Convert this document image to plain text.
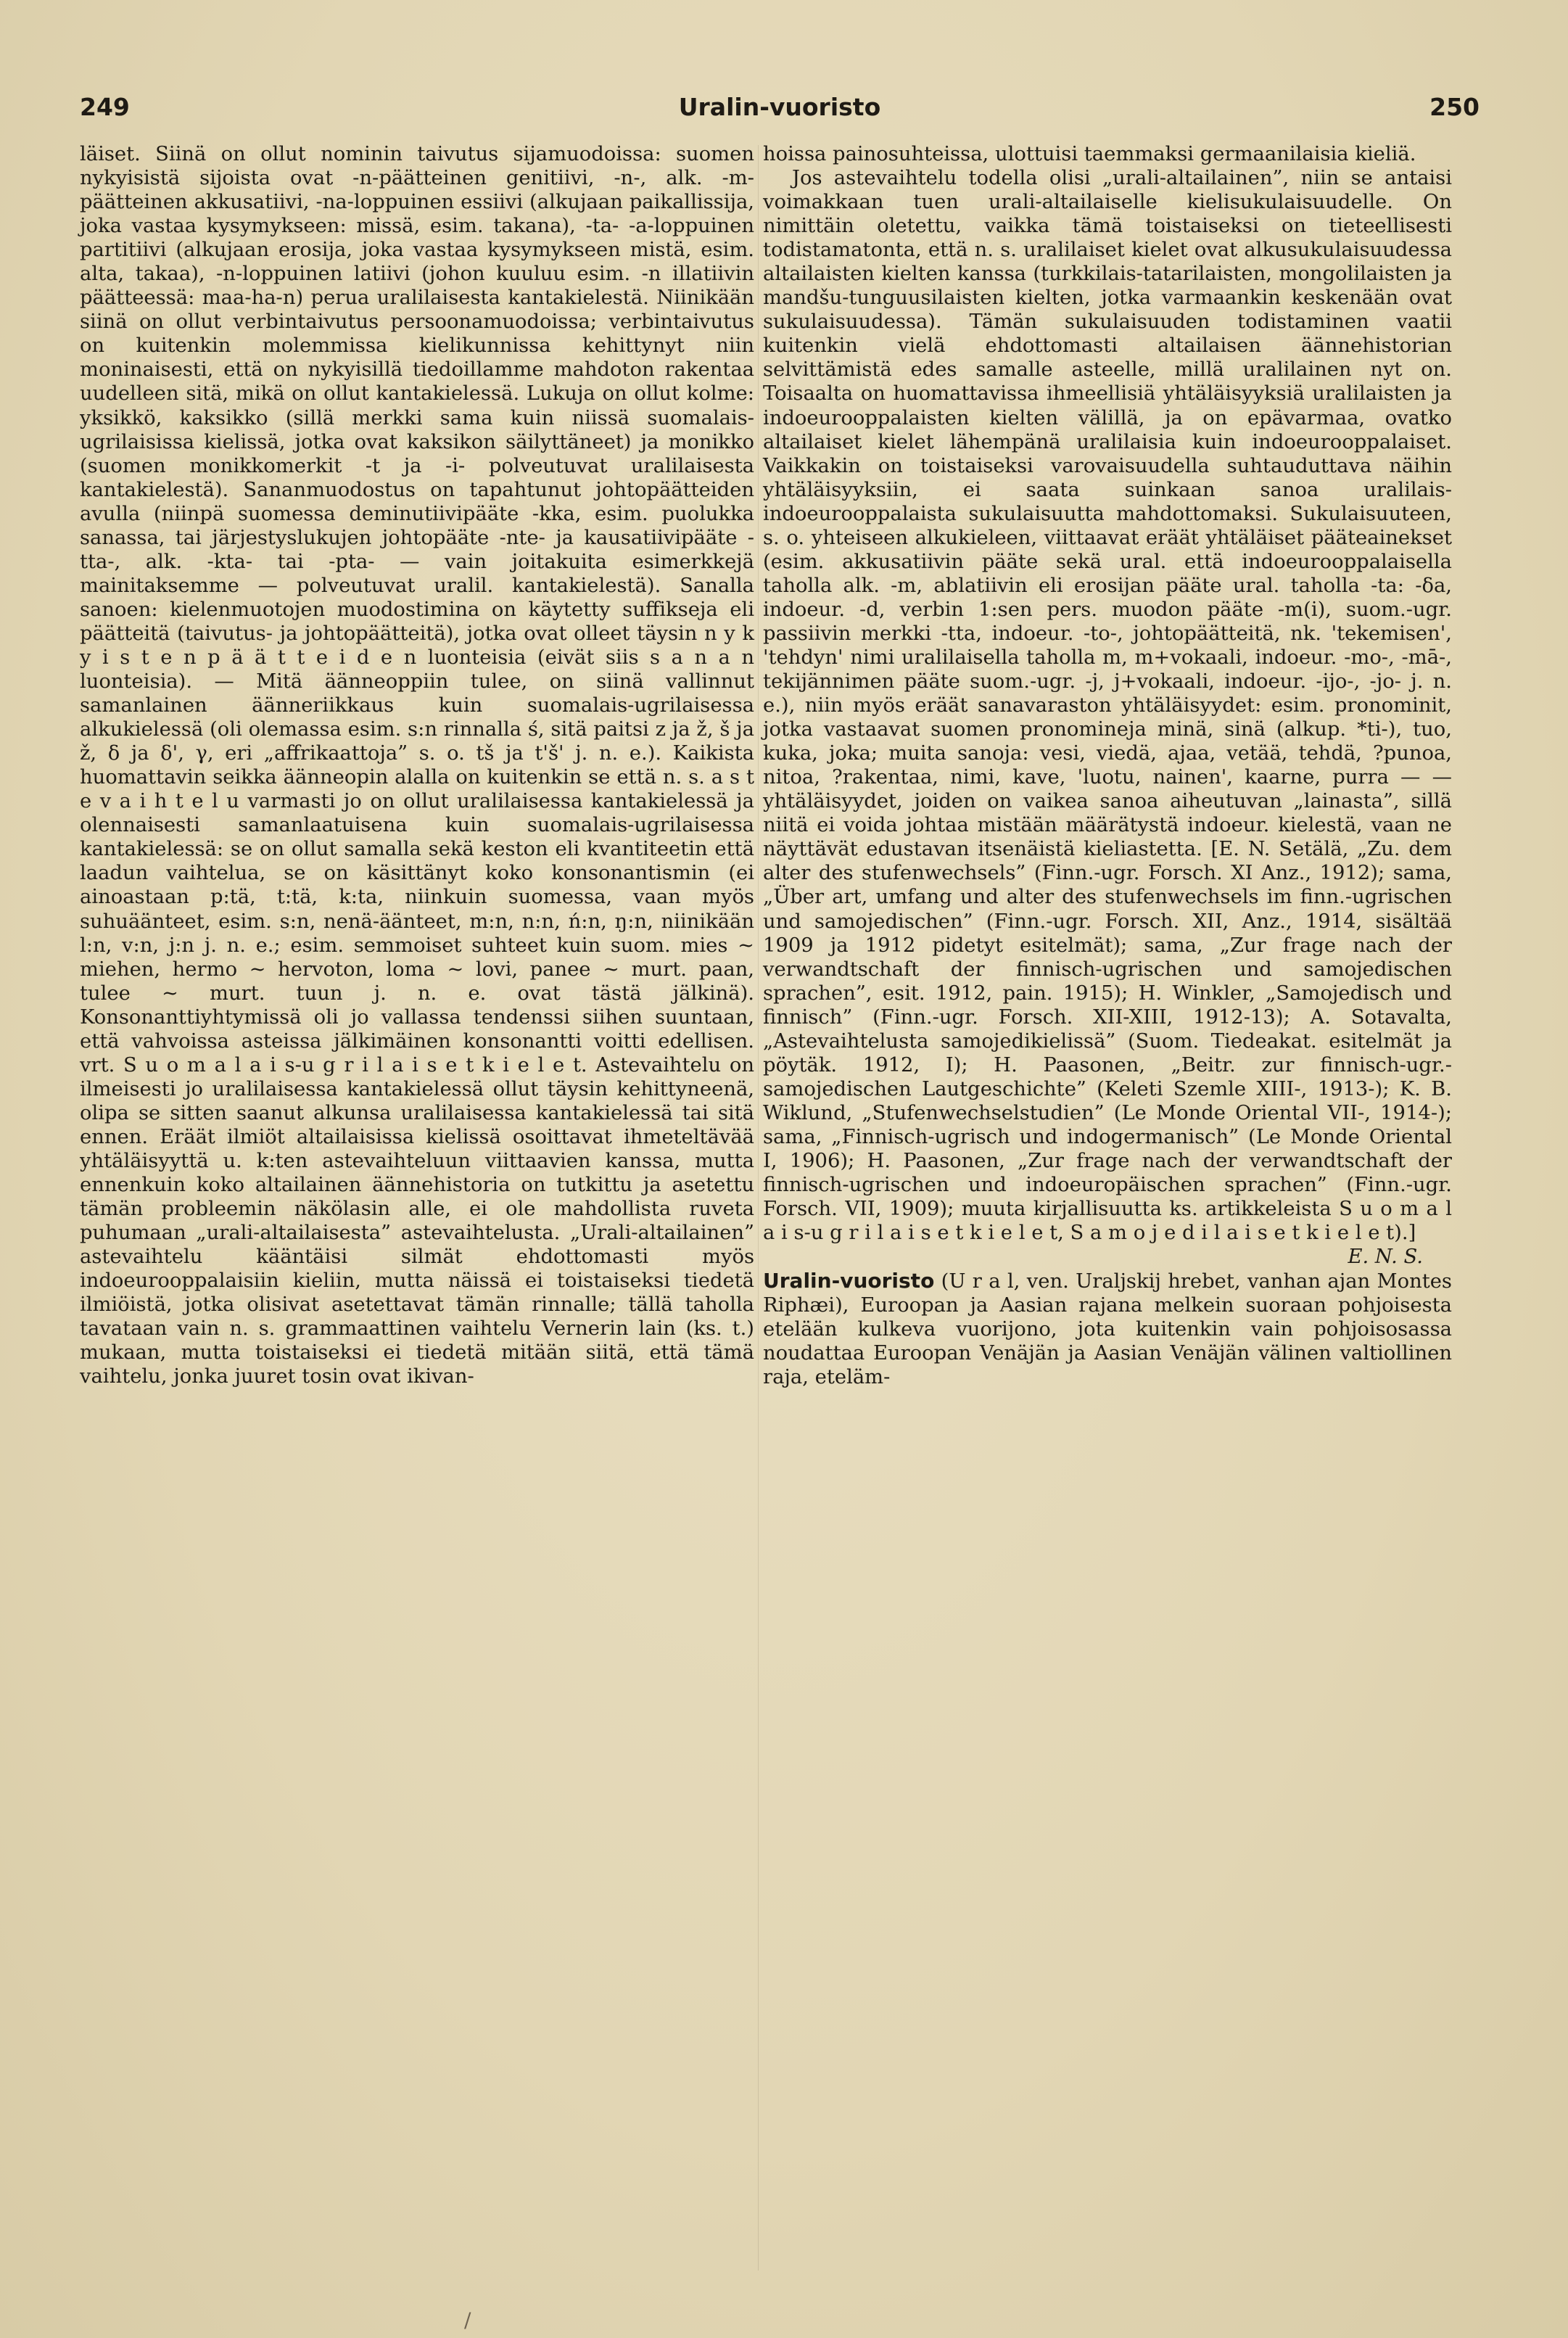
249	Uralin-vuoristo	250

läiset. Siinä on ollut nominin taivutus sijamuodoissa: suomen nykyisistä sijoista ovat -n-päätteinen genitiivi, -n-, alk. -m-päätteinen akkusatiivi, -na-loppuinen essiivi (alkujaan paikallissija, joka vastaa kysymykseen: missä, esim. takana), -ta- -a-loppuinen partitiivi (alkujaan erosija, joka vastaa kysymykseen mistä, esim. alta, takaa), -n-loppuinen latiivi (johon kuuluu esim. -n illatiivin päätteessä: maa-ha-n) perua uralilaisesta kantakielestä. Niinikään siinä on ollut verbintaivutus persoonamuodoissa; verbintaivutus on kuitenkin molemmissa kielikunnissa kehittynyt niin moninaisesti, että on nykyisillä tiedoillamme mahdoton rakentaa uudelleen sitä, mikä on ollut kantakielessä. Lukuja on ollut kolme: yksikkö, kaksikko (sillä merkki sama kuin niissä suomalais-ugrilaisissa kielissä, jotka ovat kaksikon säilyttäneet) ja monikko (suomen monikkomerkit -t ja -i- polveutuvat uralilaisesta kantakielestä). Sananmuodostus on tapahtunut johtopäätteiden avulla (niinpä suomessa deminutiivipääte -kka, esim. puolukka sanassa, tai järjestyslukujen johtopääte -nte- ja kausatiivipääte -tta-, alk. -kta- tai -pta- — vain joitakuita esimerkkejä mainitaksemme — polveutuvat uralil. kantakielestä). Sanalla sanoen: kielenmuotojen muodostimina on käytetty suffikseja eli päätteitä (taivutus- ja johtopäätteitä), jotka ovat olleet täysin n y k y i s t e n p ä ä t t e i d e n luonteisia (eivät siis s a n a n luonteisia). — Mitä äänneoppiin tulee, on siinä vallinnut samanlainen äänneriikkaus kuin suomalais-ugrilaisessa alkukielessä (oli olemassa esim. s:n rinnalla ś, sitä paitsi z ja ž, š ja ž, δ ja δ', γ, eri „affrikaattoja” s. o. tš ja t'š' j. n. e.). Kaikista huomattavin seikka äänneopin alalla on kuitenkin se että n. s. a s t e v a i h t e l u varmasti jo on ollut uralilaisessa kantakielessä ja olennaisesti samanlaatuisena kuin suomalais-ugrilaisessa kantakielessä: se on ollut samalla sekä keston eli kvantiteetin että laadun vaihtelua, se on käsittänyt koko konsonantismin (ei ainoastaan p:tä, t:tä, k:ta, niinkuin suomessa, vaan myös suhuäänteet, esim. s:n, nenä-äänteet, m:n, n:n, ń:n, ŋ:n, niinikään l:n, v:n, j:n j. n. e.; esim. semmoiset suhteet kuin suom. mies ~ miehen, hermo ~ hervoton, loma ~ lovi, panee ~ murt. paan, tulee ~ murt. tuun j. n. e. ovat tästä jälkinä). Konsonanttiyhtymissä oli jo vallassa tendenssi siihen suuntaan, että vahvoissa asteissa jälkimäinen konsonantti voitti edellisen. vrt. S u o m a l a i s-u g r i l a i s e t k i e l e t. Astevaihtelu on ilmeisesti jo uralilaisessa kantakielessä ollut täysin kehittyneenä, olipa se sitten saanut alkunsa uralilaisessa kantakielessä tai sitä ennen. Eräät ilmiöt altailaisissa kielissä osoittavat ihmeteltävää yhtäläisyyttä u. k:ten astevaihteluun viittaavien kanssa, mutta ennenkuin koko altailainen äännehistoria on tutkittu ja asetettu tämän probleemin näkölasin alle, ei ole mahdollista ruveta puhumaan „urali-altailaisesta” astevaihtelusta. „Urali-altailainen” astevaihtelu kääntäisi silmät ehdottomasti myös indoeurooppalaisiin kieliin, mutta näissä ei toistaiseksi tiedetä ilmiöistä, jotka olisivat asetettavat tämän rinnalle; tällä taholla tavataan vain n. s. grammaattinen vaihtelu Vernerin lain (ks. t.) mukaan, mutta toistaiseksi ei tiedetä mitään siitä, että tämä vaihtelu, jonka juuret tosin ovat ikivan-

hoissa painosuhteissa, ulottuisi taemmaksi germaanilaisia kieliä.

Jos astevaihtelu todella olisi „urali-altailainen”, niin se antaisi voimakkaan tuen urali-altailaiselle kielisukulaisuudelle. On nimittäin oletettu, vaikka tämä toistaiseksi on tieteellisesti todistamatonta, että n. s. uralilaiset kielet ovat alkusukulaisuudessa altailaisten kielten kanssa (turkkilais-tatarilaisten, mongolilaisten ja mandšu-tunguusilaisten kielten, jotka varmaankin keskenään ovat sukulaisuudessa). Tämän sukulaisuuden todistaminen vaatii kuitenkin vielä ehdottomasti altailaisen äännehistorian selvittämistä edes samalle asteelle, millä uralilainen nyt on. Toisaalta on huomattavissa ihmeellisiä yhtäläisyyksiä uralilaisten ja indoeurooppalaisten kielten välillä, ja on epävarmaa, ovatko altailaiset kielet lähempänä uralilaisia kuin indoeurooppalaiset. Vaikkakin on toistaiseksi varovaisuudella suhtauduttava näihin yhtäläisyyksiin, ei saata suinkaan sanoa uralilais-indoeurooppalaista sukulaisuutta mahdottomaksi. Sukulaisuuteen, s. o. yhteiseen alkukieleen, viittaavat eräät yhtäläiset pääteainekset (esim. akkusatiivin pääte sekä ural. että indoeurooppalaisella taholla alk. -m, ablatiivin eli erosijan pääte ural. taholla -ta: -δa, indoeur. -d, verbin 1:sen pers. muodon pääte -m(i), suom.-ugr. passiivin merkki -tta, indoeur. -to-, johtopäätteitä, nk. 'tekemisen', 'tehdyn' nimi uralilaisella taholla m, m+vokaali, indoeur. -mo-, -mā-, tekijännimen pääte suom.-ugr. -j, j+vokaali, indoeur. -ijo-, -jo- j. n. e.), niin myös eräät sanavaraston yhtäläisyydet: esim. pronominit, jotka vastaavat suomen pronomineja minä, sinä (alkup. *ti-), tuo, kuka, joka; muita sanoja: vesi, viedä, ajaa, vetää, tehdä, ?punoa, nitoa, ?rakentaa, nimi, kave, 'luotu, nainen', kaarne, purra — — yhtäläisyydet, joiden on vaikea sanoa aiheutuvan „lainasta”, sillä niitä ei voida johtaa mistään määrätystä indoeur. kielestä, vaan ne näyttävät edustavan itsenäistä kieliastetta. [E. N. Setälä, „Zu. dem alter des stufenwechsels” (Finn.-ugr. Forsch. XI Anz., 1912); sama, „Über art, umfang und alter des stufenwechsels im finn.-ugrischen und samojedischen” (Finn.-ugr. Forsch. XII, Anz., 1914, sisältää 1909 ja 1912 pidetyt esitelmät); sama, „Zur frage nach der verwandtschaft der finnisch-ugrischen und samojedischen sprachen”, esit. 1912, pain. 1915); H. Winkler, „Samojedisch und finnisch” (Finn.-ugr. Forsch. XII-XIII, 1912-13); A. Sotavalta, „Astevaihtelusta samojedikielissä” (Suom. Tiedeakat. esitelmät ja pöytäk. 1912, I); H. Paasonen, „Beitr. zur finnisch-ugr.-samojedischen Lautgeschichte” (Keleti Szemle XIII-, 1913-); K. B. Wiklund, „Stufenwechselstudien” (Le Monde Oriental VII-, 1914-); sama, „Finnisch-ugrisch und indogermanisch” (Le Monde Oriental I, 1906); H. Paasonen, „Zur frage nach der verwandtschaft der finnisch-ugrischen und indoeuropäischen sprachen” (Finn.-ugr. Forsch. VII, 1909); muuta kirjallisuutta ks. artikkeleista S u o m a l a i s-u g r i l a i s e t k i e l e t, S a m o j e d i l a i s e t k i e l e t).]

E. N. S.

Uralin-vuoristo (U r a l, ven. Uraljskij hrebet, vanhan ajan Montes Riphæi), Euroopan ja Aasian rajana melkein suoraan pohjoisesta etelään kulkeva vuorijono, jota kuitenkin vain pohjoisosassa noudattaa Euroopan Venäjän ja Aasian Venäjän välinen valtiollinen raja, eteläm-

/
